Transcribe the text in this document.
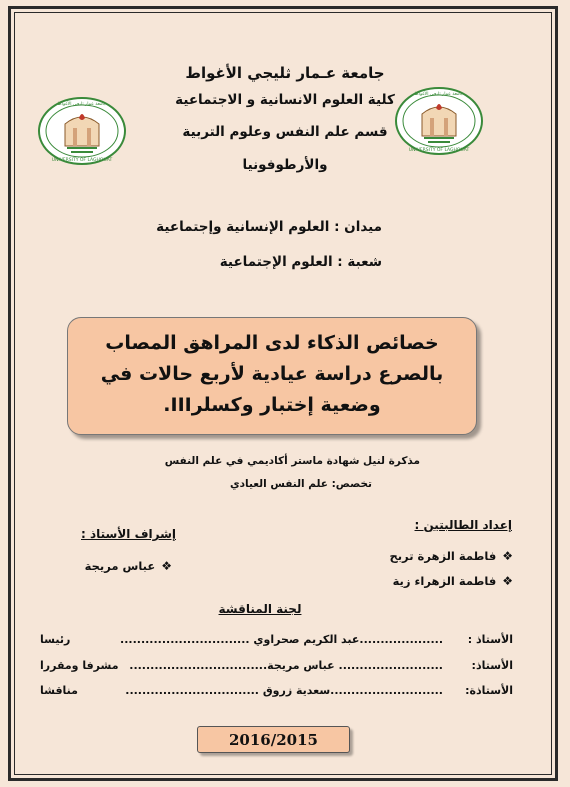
UNIVERSITY OF LAGHOUAT
جامعة عمار ثليجي الأغواط
UNIVERSITY OF LAGHOUAT
جامعة عمار ثليجي الأغواط
جامعة عـمار ثليجي الأغواط
كلية العلوم الانسانية و الاجتماعية
قسم علم النفس وعلوم التربية
والأرطوفونيا
ميدان : العلوم الإنسانية وإجتماعية
شعبة : العلوم الإجتماعية
خصائص الذكاء لدى المراهق المصاب
بالصرع دراسة عيادية لأربع حالات في
وضعية إختبار وكسلرIII.
مذكرة لنيل شهادة ماستر أكاديمي في علم النفس
تخصص: علم النفس العيادي
إعداد الطالبتين :
إشراف الأستاذ :
❖فاطمة الزهرة تربح
❖فاطمة الزهراء زية
❖عباس مريجة
لجنة المناقشة
الأستاذ :
....................عبد الكريم صحراوي ...............................
رئيسا
الأستاذ:
......................... عباس مريجة.................................
مشرفا ومقررا
الأستاذة:
...........................سعدية زروق ................................
مناقشا
2016/2015
